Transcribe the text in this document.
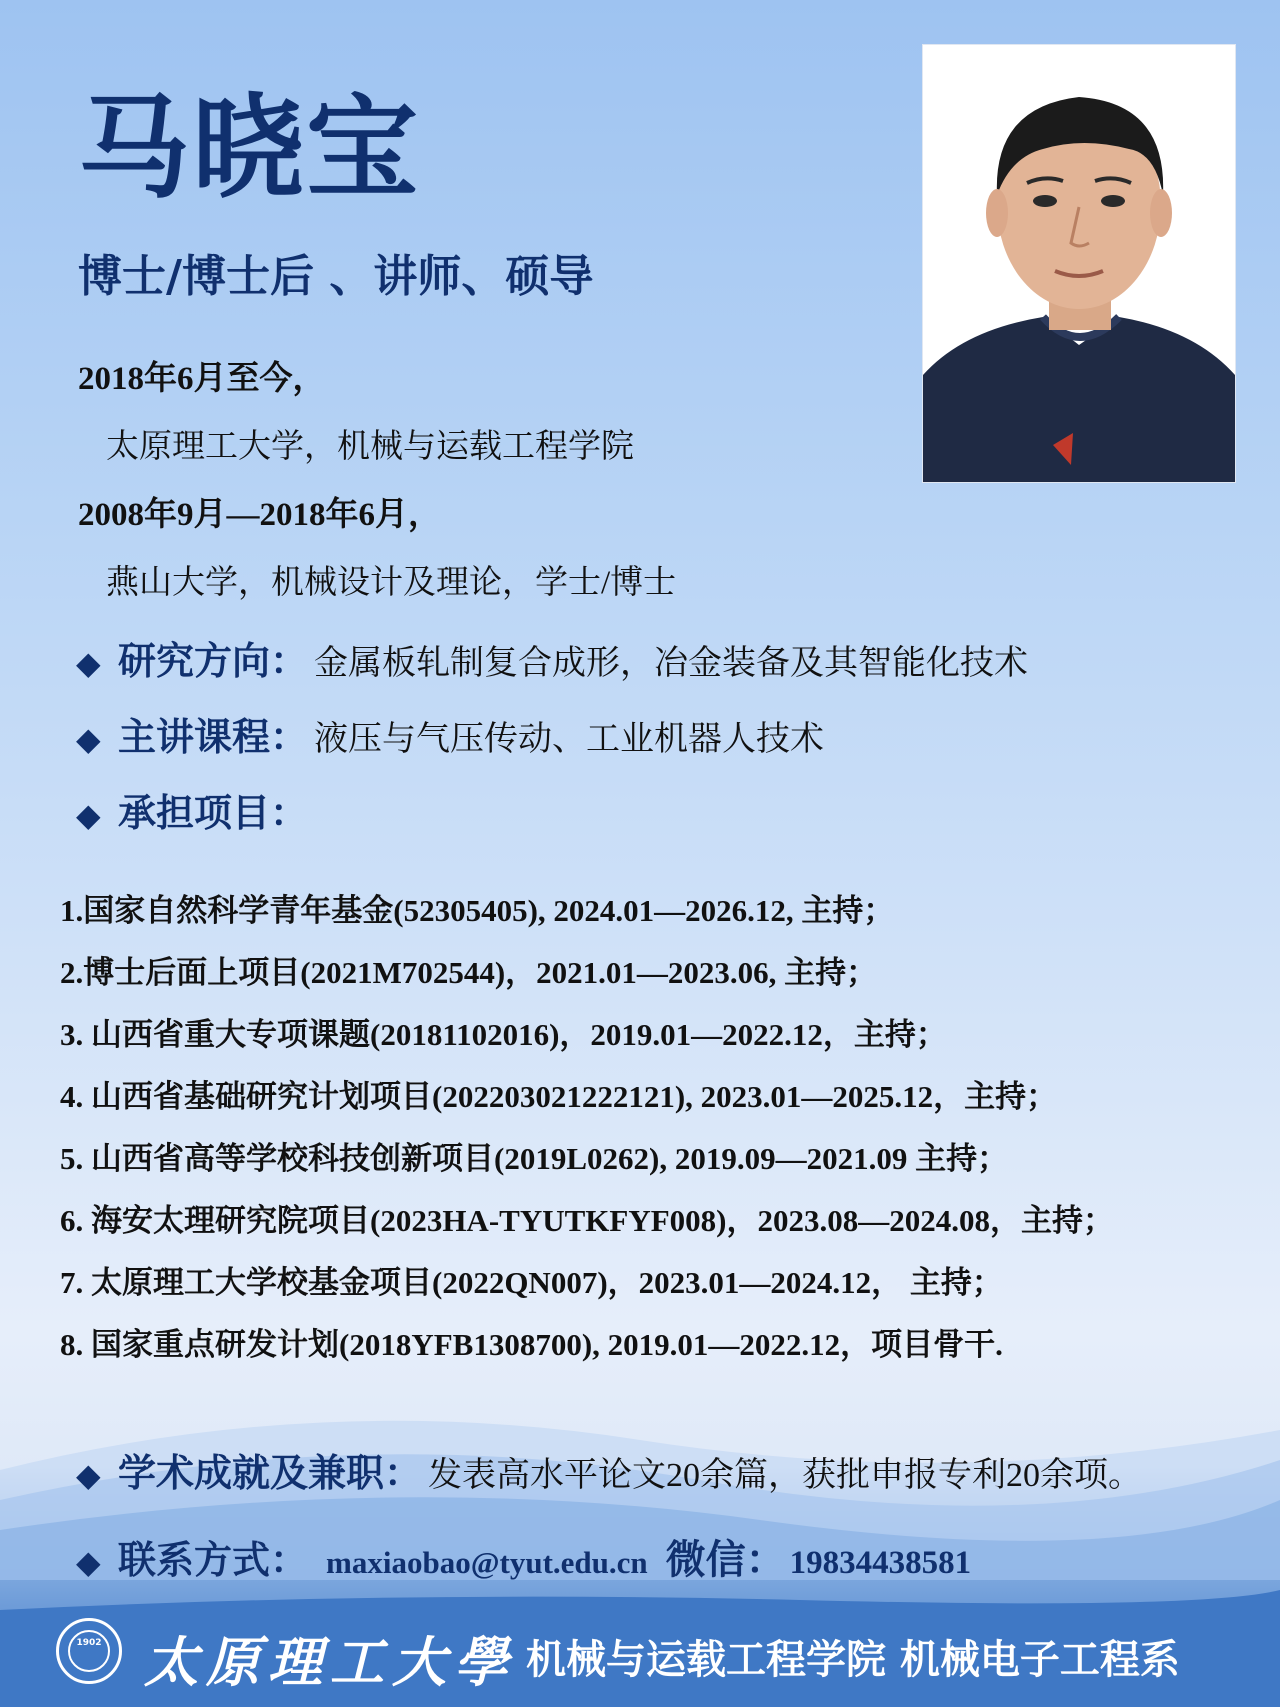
马晓宝
博士/博士后 、讲师、硕导
2018年6月至今，
太原理工大学，机械与运载工程学院
2008年9月—2018年6月，
燕山大学，机械设计及理论，学士/博士
◆ 研究方向： 金属板轧制复合成形，冶金装备及其智能化技术
◆ 主讲课程： 液压与气压传动、工业机器人技术
◆ 承担项目：
1.国家自然科学青年基金(52305405), 2024.01—2026.12, 主持；
2.博士后面上项目(2021M702544)，2021.01—2023.06, 主持；
3. 山西省重大专项课题(20181102016)，2019.01—2022.12，主持；
4. 山西省基础研究计划项目(202203021222121), 2023.01—2025.12，主持；
5. 山西省高等学校科技创新项目(2019L0262), 2019.09—2021.09 主持；
6. 海安太理研究院项目(2023HA-TYUTKFYF008)，2023.08—2024.08，主持；
7. 太原理工大学校基金项目(2022QN007)，2023.01—2024.12， 主持；
8. 国家重点研发计划(2018YFB1308700), 2019.01—2022.12，项目骨干.
◆ 学术成就及兼职： 发表高水平论文20余篇，获批申报专利20余项。
◆ 联系方式： maxiaobao@tyut.edu.cn 微信： 19834438581
1902 太原理工大學 机械与运载工程学院 机械电子工程系
